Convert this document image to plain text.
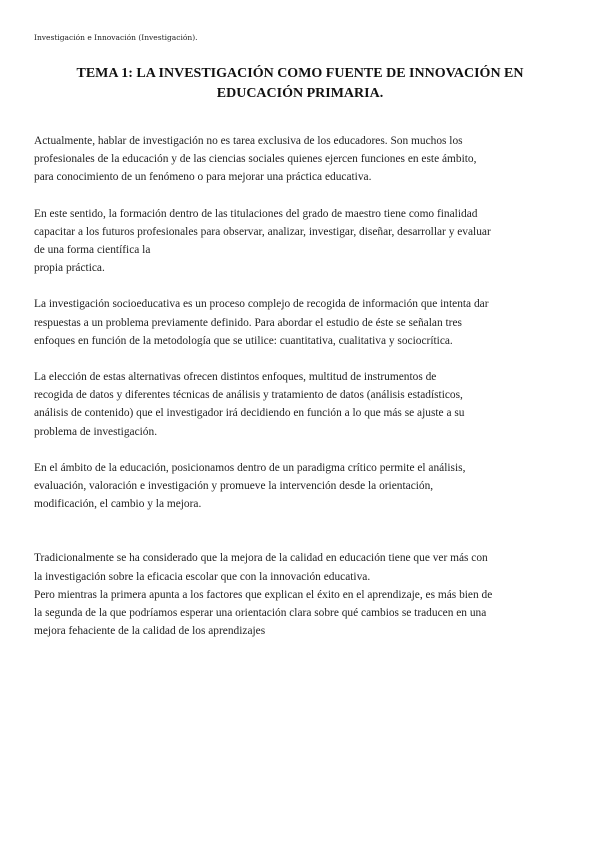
Investigación e Innovación (Investigación).
TEMA 1: LA INVESTIGACIÓN COMO FUENTE DE INNOVACIÓN EN
EDUCACIÓN PRIMARIA.

Actualmente, hablar de investigación no es tarea exclusiva de los educadores. Son muchos los
profesionales de la educación y de las ciencias sociales quienes ejercen funciones en este ámbito,
para conocimiento de un fenómeno o para mejorar una práctica educativa.

En este sentido, la formación dentro de las titulaciones del grado de maestro tiene como finalidad
capacitar a los futuros profesionales para observar, analizar, investigar, diseñar, desarrollar y evaluar
de una forma científica la
propia práctica.

La investigación socioeducativa es un proceso complejo de recogida de información que intenta dar
respuestas a un problema previamente definido. Para abordar el estudio de éste se señalan tres
enfoques en función de la metodología que se utilice: cuantitativa, cualitativa y sociocrítica.

La elección de estas alternativas ofrecen distintos enfoques, multitud de instrumentos de
recogida de datos y diferentes técnicas de análisis y tratamiento de datos (análisis estadísticos,
análisis de contenido) que el investigador irá decidiendo en función a lo que más se ajuste a su
problema de investigación.

En el ámbito de la educación, posicionamos dentro de un paradigma crítico permite el análisis,
evaluación, valoración e investigación y promueve la intervención desde la orientación,
modificación, el cambio y la mejora.

Tradicionalmente se ha considerado que la mejora de la calidad en educación tiene que ver más con
la investigación sobre la eficacia escolar que con la innovación educativa.
Pero mientras la primera apunta a los factores que explican el éxito en el aprendizaje, es más bien de
la segunda de la que podríamos esperar una orientación clara sobre qué cambios se traducen en una
mejora fehaciente de la calidad de los aprendizajes
